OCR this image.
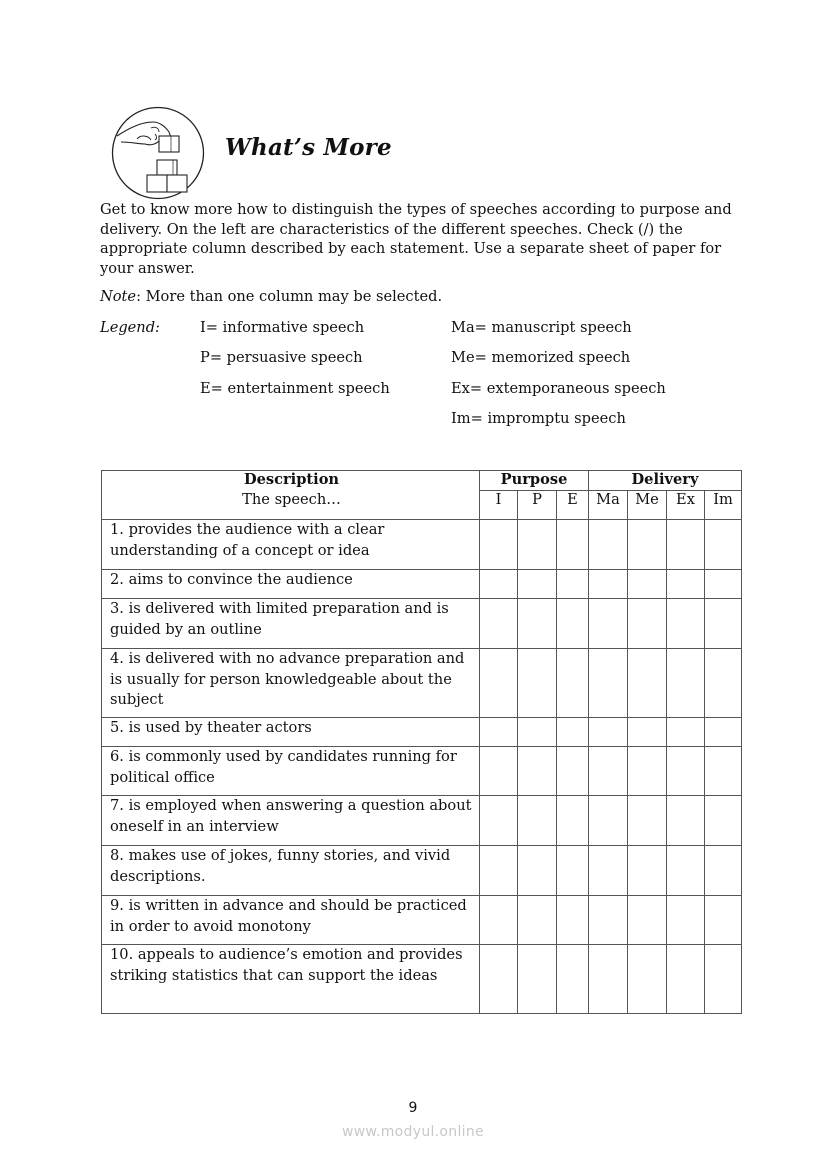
What’s More
Get to know more how to distinguish the types of speeches according to purpose and delivery. On the left are characteristics of the different speeches. Check (/) the appropriate column described by each statement. Use a separate sheet of paper for your answer.
Note: More than one column may be selected.
Legend:	I= informative speech
P= persuasive speech
E= entertainment speech
Ma= manuscript speech
Me= memorized speech
Ex= extemporaneous speech
Im= impromptu speech
Description	Purpose			Delivery			
The speech…	I	P	E	Ma	Me	Ex	Im
1. provides the audience with a clear understanding of a concept or idea							
2. aims to convince the audience							
3. is delivered with limited preparation and is guided by an outline							
4. is delivered with no advance preparation and is usually for person knowledgeable about the subject							
5. is used by theater actors							
6. is commonly used by candidates running for political office							
7. is employed when answering a question about oneself in an interview							
8. makes use of jokes, funny stories, and vivid descriptions.							
9. is written in advance and should be practiced in order to avoid monotony							
10. appeals to audience’s emotion and provides striking statistics that can support the ideas							
9
www.modyul.online
